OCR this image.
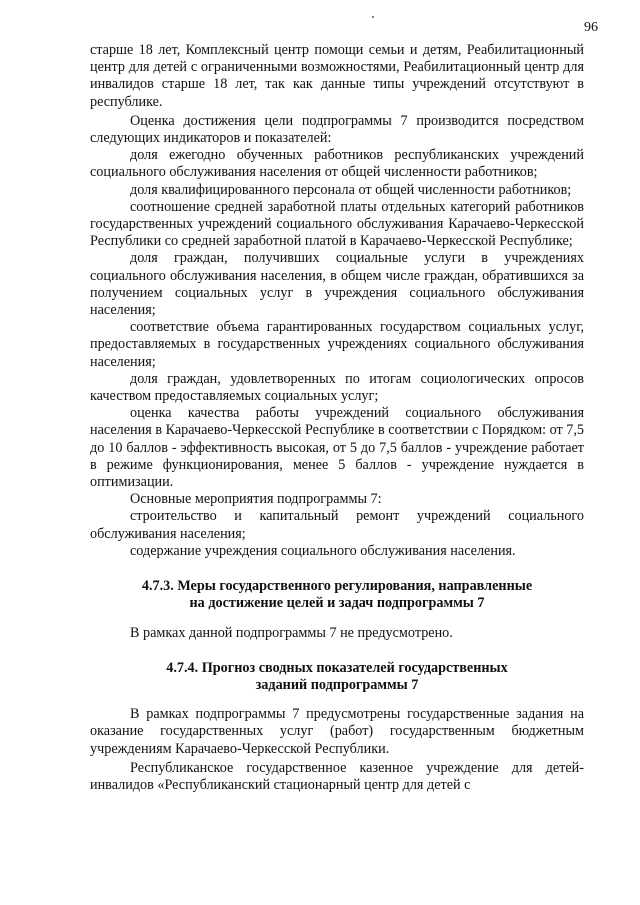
96

старше 18 лет, Комплексный центр помощи семьи и детям, Реабилитационный центр для детей с ограниченными возможностями, Реабилитационный центр для инвалидов старше 18 лет, так как данные типы учреждений отсутствуют в республике.

Оценка достижения цели подпрограммы 7 производится посредством следующих индикаторов и показателей:

доля ежегодно обученных работников республиканских учреждений социального обслуживания населения от общей численности работников;

доля квалифицированного персонала от общей численности работников;

соотношение средней заработной платы отдельных категорий работников государственных учреждений социального обслуживания Карачаево-Черкесской Республики со средней заработной платой в Карачаево-Черкесской Республике;

доля граждан, получивших социальные услуги в учреждениях социального обслуживания населения, в общем числе граждан, обратившихся за получением социальных услуг в учреждения социального обслуживания населения;

соответствие объема гарантированных государством социальных услуг, предоставляемых в государственных учреждениях социального обслуживания населения;

доля граждан, удовлетворенных по итогам социологических опросов качеством предоставляемых социальных услуг;

оценка качества работы учреждений социального обслуживания населения в Карачаево-Черкесской Республике в соответствии с Порядком: от 7,5 до 10 баллов - эффективность высокая, от 5 до 7,5 баллов - учреждение работает в режиме функционирования, менее 5 баллов - учреждение нуждается в оптимизации.

Основные мероприятия подпрограммы 7:

строительство и капитальный ремонт учреждений социального обслуживания населения;

содержание учреждения социального обслуживания населения.

4.7.3. Меры государственного регулирования, направленные
на достижение целей и задач подпрограммы 7

В рамках данной подпрограммы 7 не предусмотрено.

4.7.4. Прогноз сводных показателей государственных
заданий подпрограммы 7

В рамках подпрограммы 7 предусмотрены государственные задания на оказание государственных услуг (работ) государственным бюджетным учреждениям Карачаево-Черкесской Республики.

Республиканское государственное казенное учреждение для детей-инвалидов «Республиканский стационарный центр для детей с
